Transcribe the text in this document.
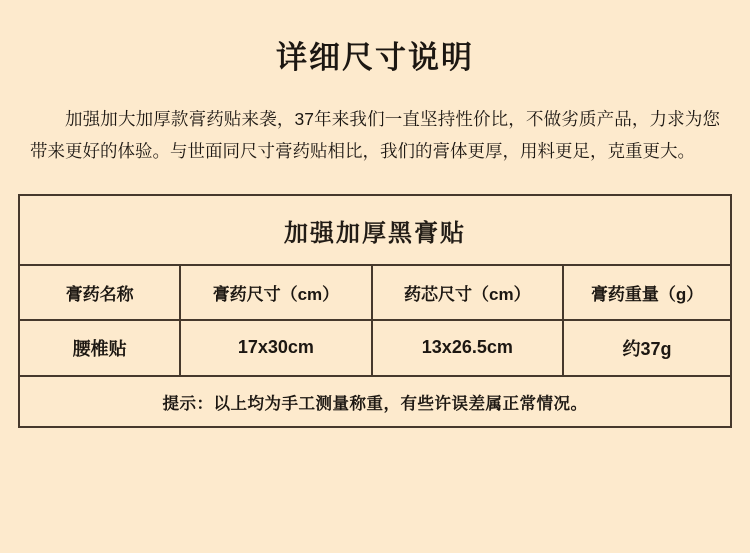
详细尺寸说明
加强加大加厚款膏药贴来袭，37年来我们一直坚持性价比，不做劣质产品，力求为您带来更好的体验。与世面同尺寸膏药贴相比，我们的膏体更厚，用料更足，克重更大。
加强加厚黑膏贴
膏药名称	膏药尺寸（cm）	药芯尺寸（cm）	膏药重量（g）
腰椎贴	17x30cm	13x26.5cm	约37g
提示：以上均为手工测量称重，有些许误差属正常情况。			
